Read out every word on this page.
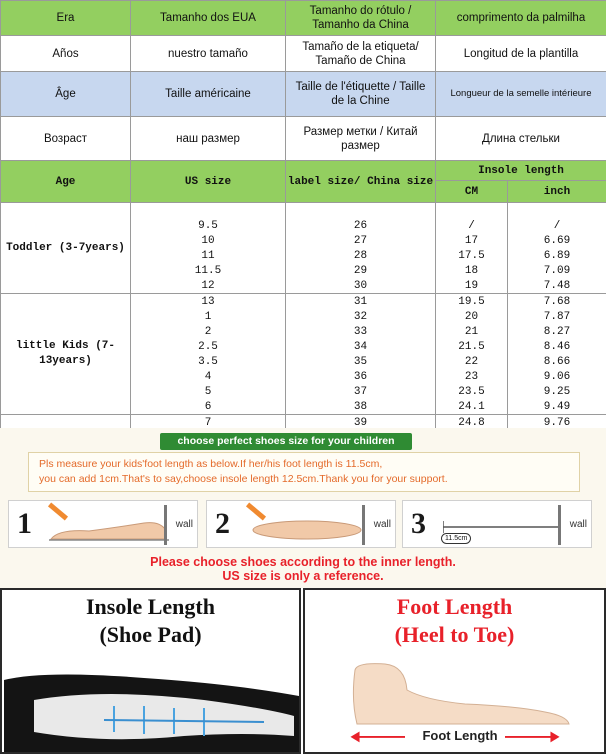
Era	Tamanho dos EUA	Tamanho do rótulo / Tamanho da China	comprimento da palmilha
Años	nuestro tamaño	Tamaño de la etiqueta/ Tamaño de China	Longitud de la plantilla
Âge	Taille américaine	Taille de l'étiquette / Taille de la Chine	Longueur de la semelle intérieure
Возраст	наш размер	Размер метки / Китай размер	Длина стельки
Age	US size	label size/ China size	Insole length	
			CM	inch
Toddler (3-7years)				
	9.5	26	/	/
	10	27	17	6.69
	11	28	17.5	6.89
	11.5	29	18	7.09
	12	30	19	7.48
little Kids (7-13years)	13	31	19.5	7.68
	1	32	20	7.87
	2	33	21	8.27
	2.5	34	21.5	8.46
	3.5	35	22	8.66
	4	36	23	9.06
	5	37	23.5	9.25
	6	38	24.1	9.49
	7	39	24.8	9.76
choose perfect shoes size for your children
Pls measure your kids'foot length as below.If her/his foot length is 11.5cm,
you can add 1cm.That's to say,choose insole length 12.5cm.Thank you for your support.
1	wall 2	wall 3	11.5cm
wall
Please choose shoes according to the inner length.
US size is only a reference.
Insole Length
(Shoe Pad)
Foot Length
(Heel to Toe)
Foot Length
